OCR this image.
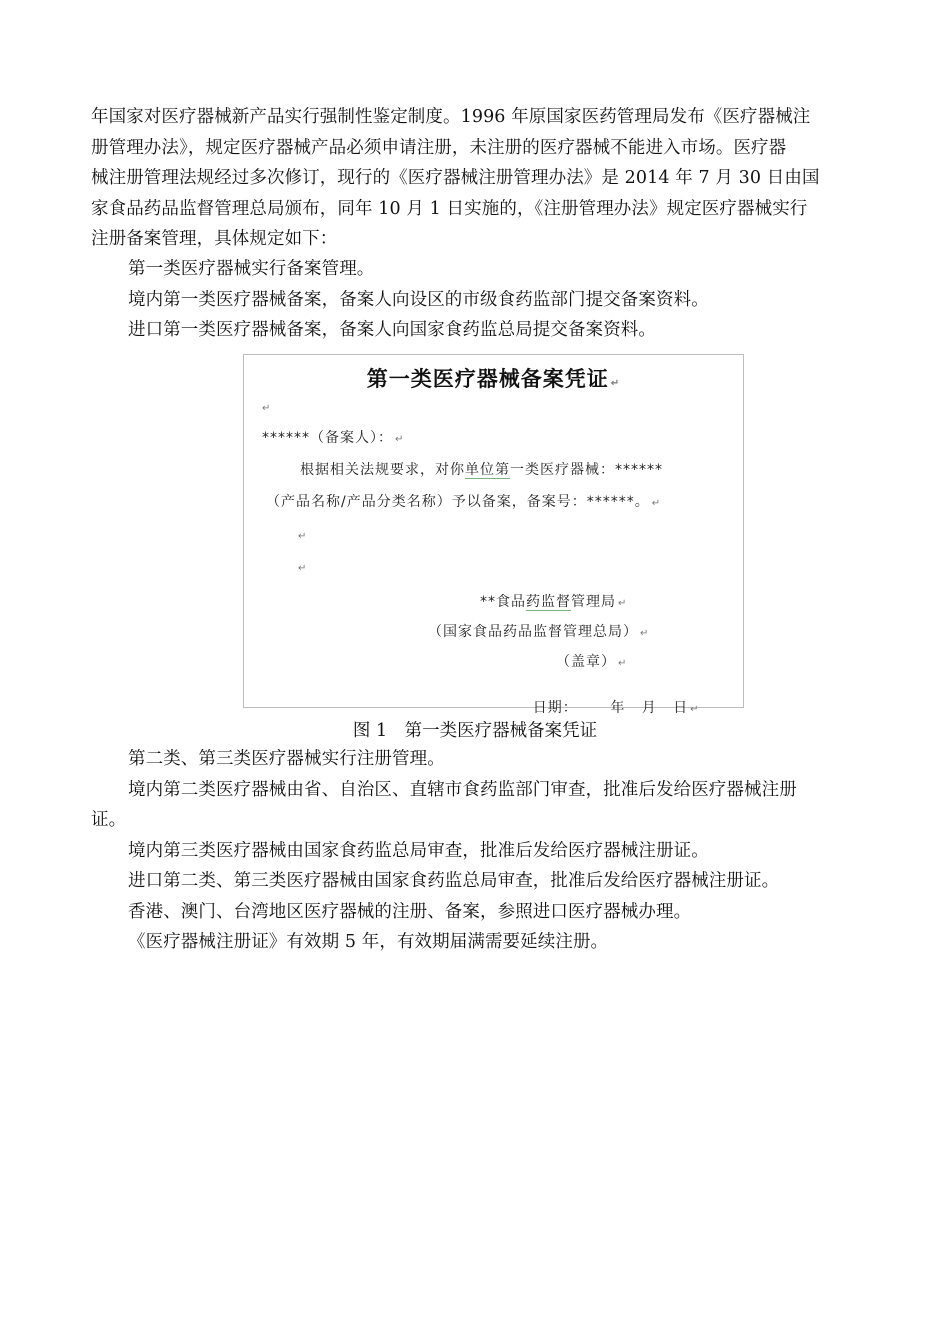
年国家对医疗器械新产品实行强制性鉴定制度。1996 年原国家医药管理局发布《医疗器械注
册管理办法》，规定医疗器械产品必须申请注册，未注册的医疗器械不能进入市场。医疗器
械注册管理法规经过多次修订，现行的《医疗器械注册管理办法》是 2014 年 7 月 30 日由国
家食品药品监督管理总局颁布，同年 10 月 1 日实施的，《注册管理办法》规定医疗器械实行
注册备案管理，具体规定如下：
第一类医疗器械实行备案管理。
境内第一类医疗器械备案，备案人向设区的市级食药监部门提交备案资料。
进口第一类医疗器械备案，备案人向国家食药监总局提交备案资料。
第一类医疗器械备案凭证 ↵
↵
******（备案人）： ↵
根据相关法规要求，对你单位第一类医疗器械：******
（产品名称/产品分类名称）予以备案，备案号：******。 ↵
↵
↵
**食品药监督管理局 ↵
（国家食品药品监督管理总局） ↵
（盖章） ↵

日期：      年   月   日 ↵

图 1　第一类医疗器械备案凭证
第二类、第三类医疗器械实行注册管理。
境内第二类医疗器械由省、自治区、直辖市食药监部门审查，批准后发给医疗器械注册
证。
境内第三类医疗器械由国家食药监总局审查，批准后发给医疗器械注册证。
进口第二类、第三类医疗器械由国家食药监总局审查，批准后发给医疗器械注册证。
香港、澳门、台湾地区医疗器械的注册、备案，参照进口医疗器械办理。
《医疗器械注册证》有效期 5 年，有效期届满需要延续注册。
